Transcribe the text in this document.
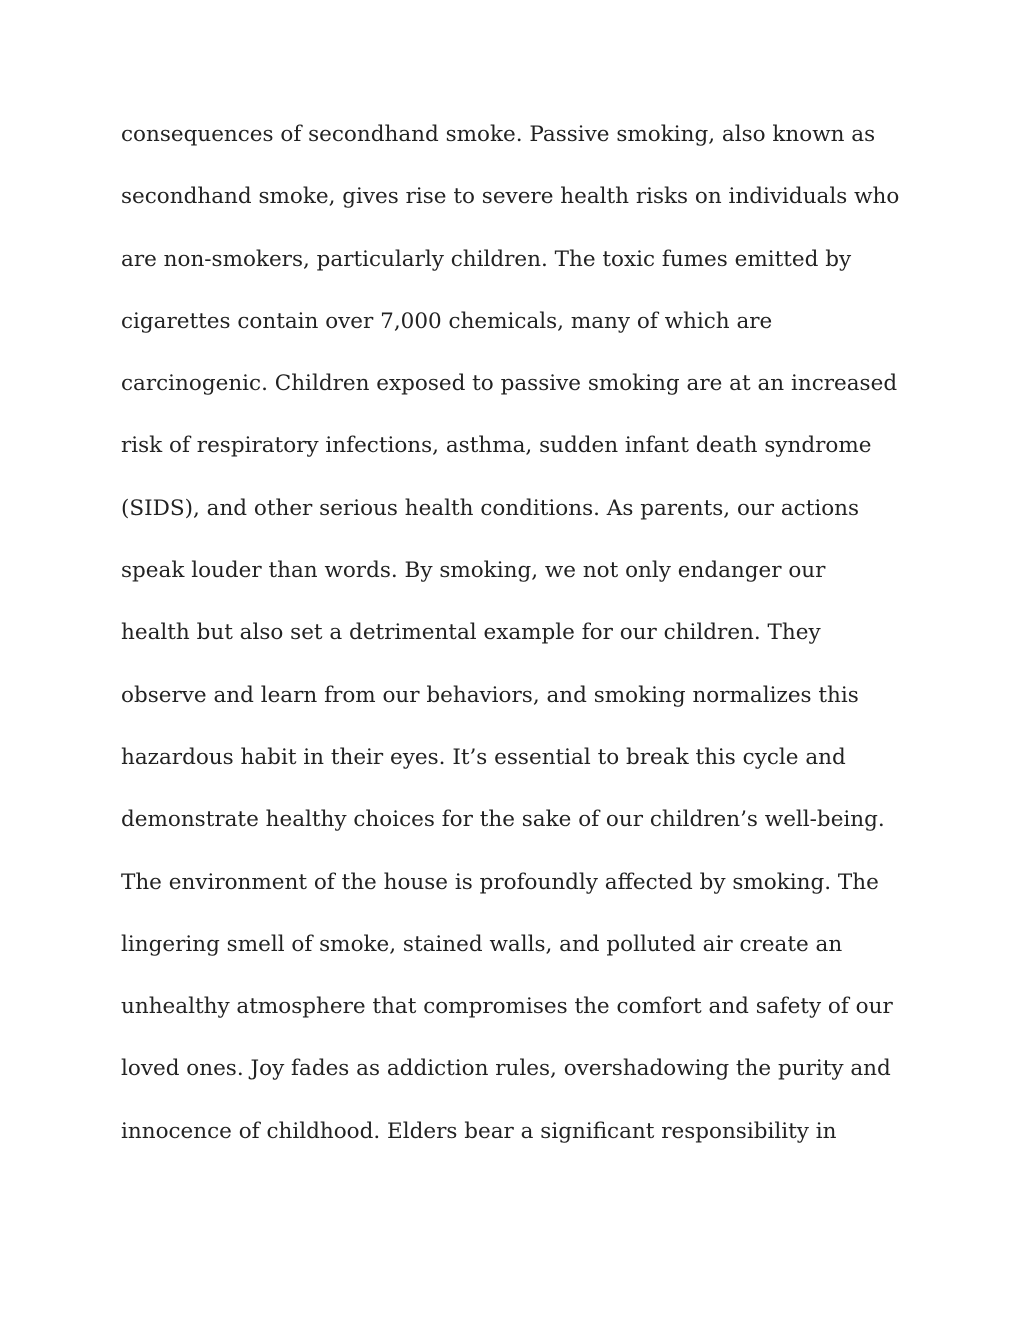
consequences of secondhand smoke. Passive smoking, also known as
secondhand smoke, gives rise to severe health risks on individuals who
are non-smokers, particularly children. The toxic fumes emitted by
cigarettes contain over 7,000 chemicals, many of which are
carcinogenic. Children exposed to passive smoking are at an increased
risk of respiratory infections, asthma, sudden infant death syndrome
(SIDS), and other serious health conditions. As parents, our actions
speak louder than words. By smoking, we not only endanger our
health but also set a detrimental example for our children. They
observe and learn from our behaviors, and smoking normalizes this
hazardous habit in their eyes. It’s essential to break this cycle and
demonstrate healthy choices for the sake of our children’s well-being.
The environment of the house is profoundly affected by smoking. The
lingering smell of smoke, stained walls, and polluted air create an
unhealthy atmosphere that compromises the comfort and safety of our
loved ones. Joy fades as addiction rules, overshadowing the purity and
innocence of childhood. Elders bear a significant responsibility in
